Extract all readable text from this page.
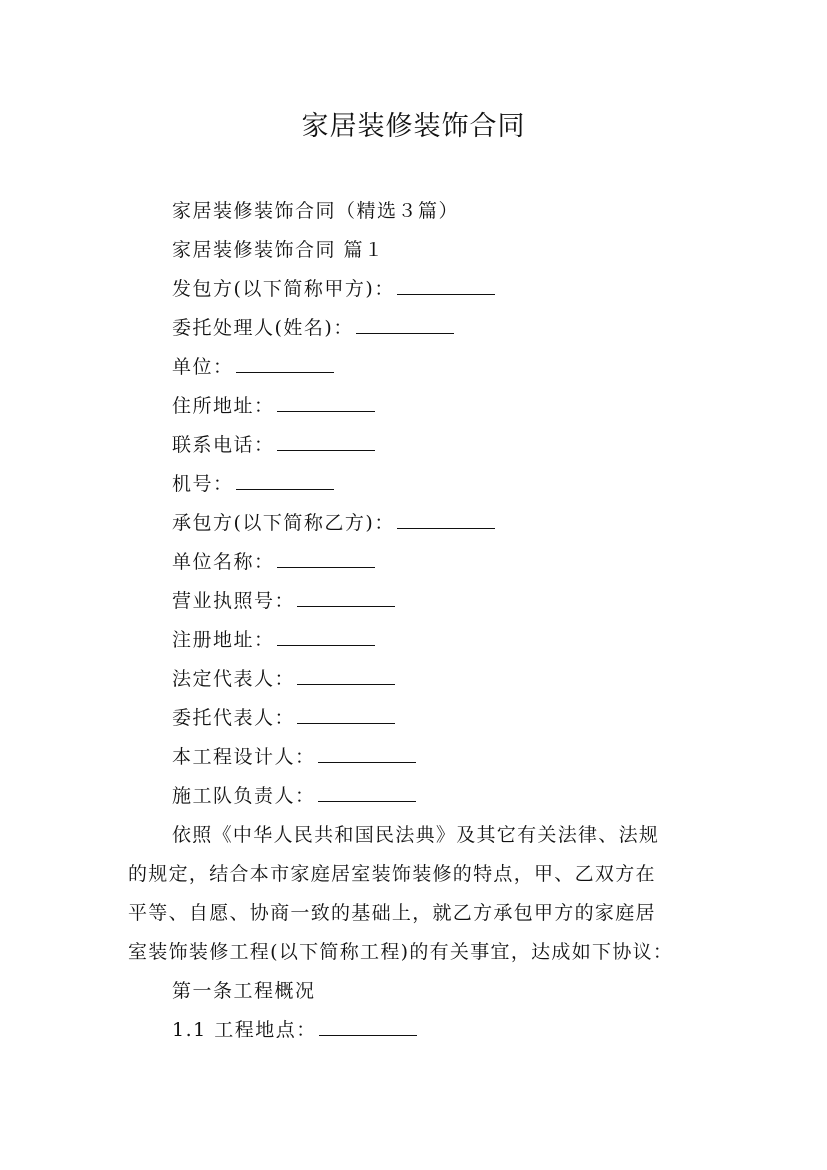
家居装修装饰合同
家居装修装饰合同（精选３篇）
家居装修装饰合同 篇１
发包方(以下简称甲方)：
委托处理人(姓名)：
单位：
住所地址：
联系电话：
机号：
承包方(以下简称乙方)：
单位名称：
营业执照号：
注册地址：
法定代表人：
委托代表人：
本工程设计人：
施工队负责人：
依照《中华人民共和国民法典》及其它有关法律、法规
的规定，结合本市家庭居室装饰装修的特点，甲、乙双方在
平等、自愿、协商一致的基础上，就乙方承包甲方的家庭居
室装饰装修工程(以下简称工程)的有关事宜，达成如下协议：
第一条工程概况
1.1 工程地点：
